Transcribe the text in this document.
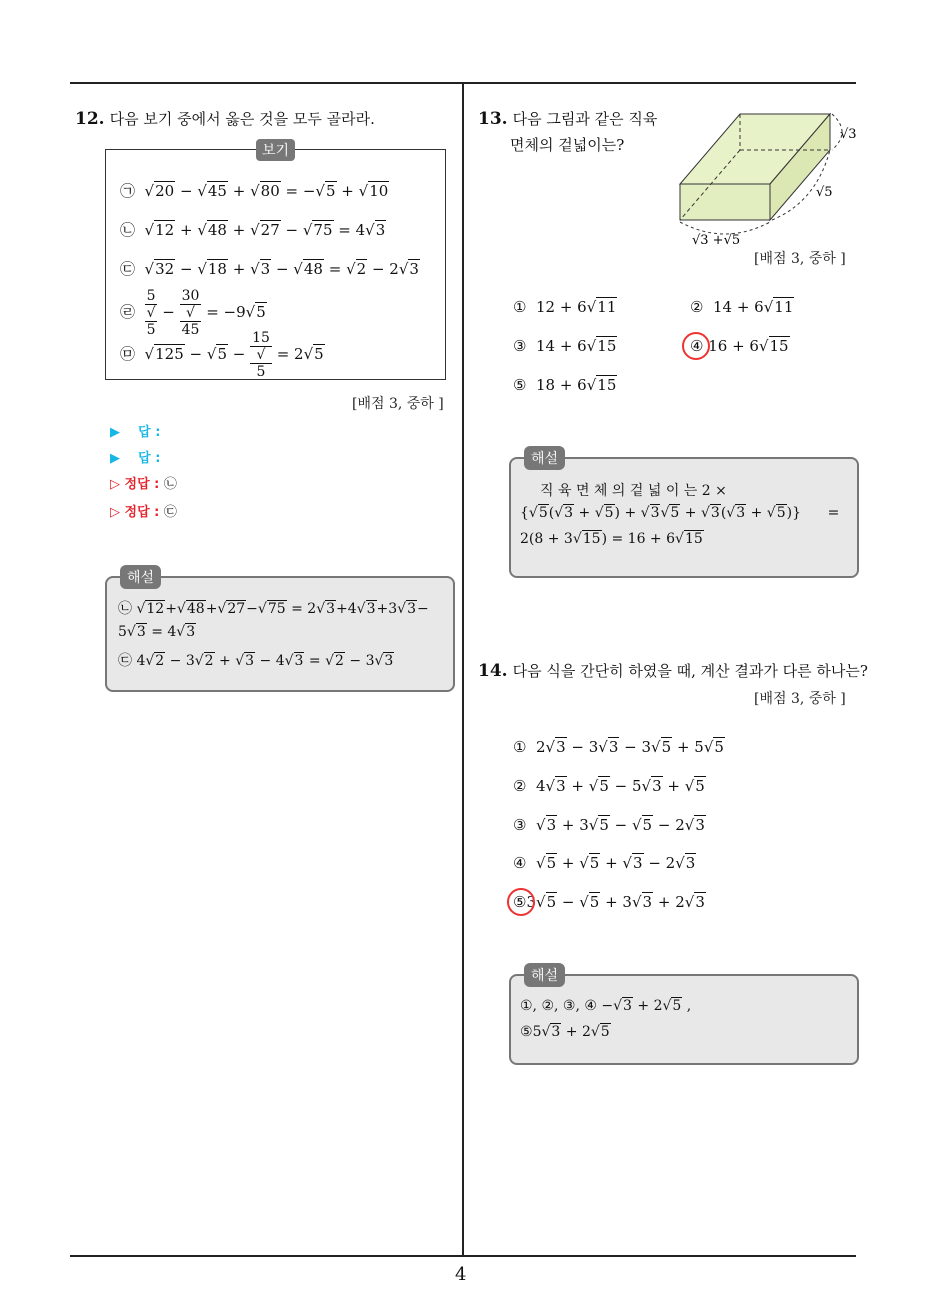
4
12. 다음 보기 중에서 옳은 것을 모두 골라라.
보기
㉠  √20 − √45 + √80 = −√5 + √10
㉡  √12 + √48 + √27 − √75 = 4√3
㉢  √32 − √18 + √3 − √48 = √2 − 2√3
㉣ 5
√
5 − 30
√
45 = −9√5
㉤  √125 − √5 − 15
√
5 = 2√5
[배점 3, 중하 ]
▶    답 :
▶    답 :
▷ 정답 : ㉡
▷ 정답 : ㉢
해설
㉡ √12+√48+√27−√75 = 2√3+4√3+3√3−
5√3 = 4√3
㉢ 4√2 − 3√2 + √3 − 4√3 = √2 − 3√3
13. 다음 그림과 같은 직육
면체의 겉넓이는?
√3
√5
√3 +√5
[배점 3, 중하 ]
①  12 + 6√11	②  14 + 6√11
③  14 + 6√15	④ 16 + 6√15
⑤  18 + 6√15
해설
직 육 면 체 의 겉 넓 이 는 2 ×
{√5(√3 + √5) + √3√5 + √3(√3 + √5)}      =
2(8 + 3√15) = 16 + 6√15
14. 다음 식을 간단히 하였을 때, 계산 결과가 다른 하나는?
[배점 3, 중하 ]
①  2√3 − 3√3 − 3√5 + 5√5
②  4√3 + √5 − 5√3 + √5
③  √3 + 3√5 − √5 − 2√3
④  √5 + √5 + √3 − 2√3
⑤3√5 − √5 + 3√3 + 2√3
해설
①, ②, ③, ④ −√3 + 2√5 ,
⑤5√3 + 2√5
